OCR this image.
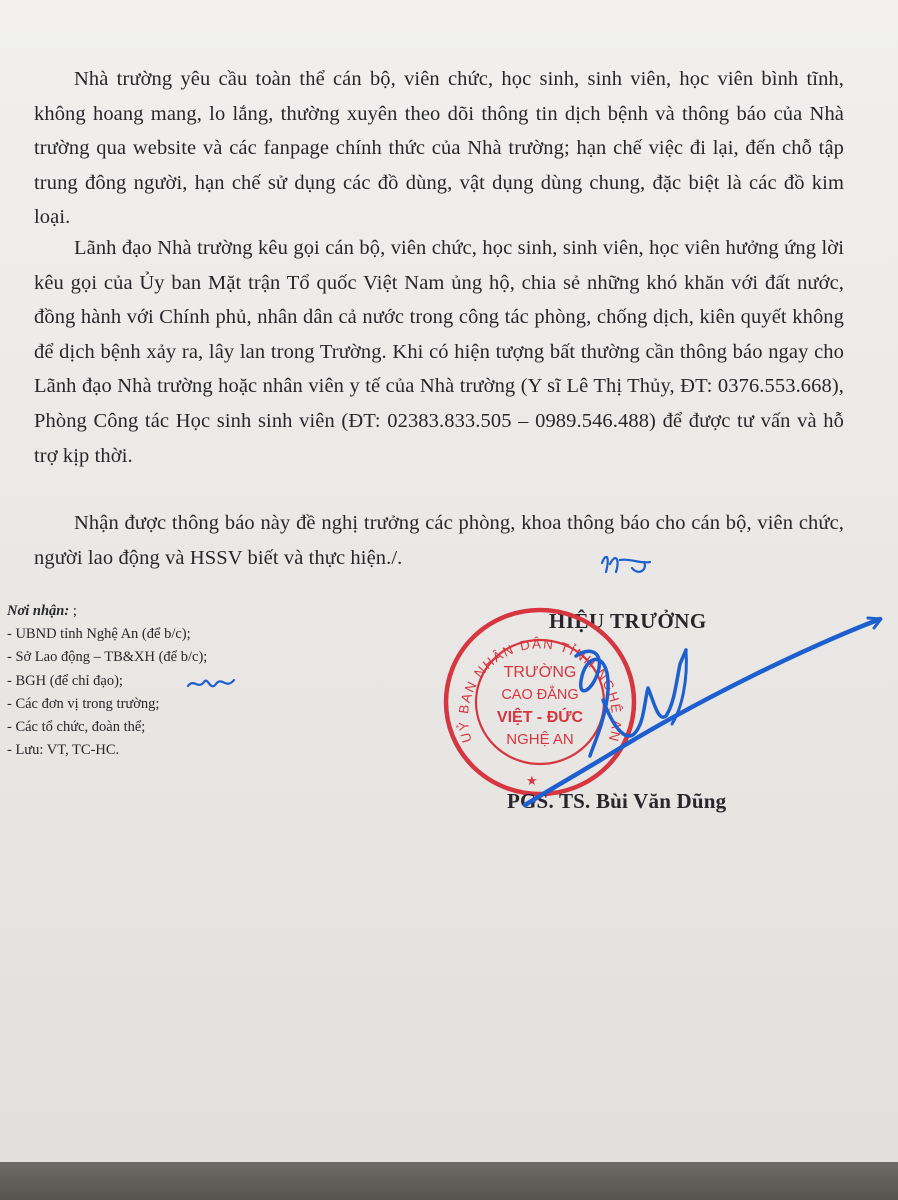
Nhà trường yêu cầu toàn thể cán bộ, viên chức, học sinh, sinh viên, học viên bình tĩnh, không hoang mang, lo lắng, thường xuyên theo dõi thông tin dịch bệnh và thông báo của Nhà trường qua website và các fanpage chính thức của Nhà trường; hạn chế việc đi lại, đến chỗ tập trung đông người, hạn chế sử dụng các đồ dùng, vật dụng dùng chung, đặc biệt là các đồ kim loại.

Lãnh đạo Nhà trường kêu gọi cán bộ, viên chức, học sinh, sinh viên, học viên hưởng ứng lời kêu gọi của Ủy ban Mặt trận Tổ quốc Việt Nam ủng hộ, chia sẻ những khó khăn với đất nước, đồng hành với Chính phủ, nhân dân cả nước trong công tác phòng, chống dịch, kiên quyết không để dịch bệnh xảy ra, lây lan trong Trường. Khi có hiện tượng bất thường cần thông báo ngay cho Lãnh đạo Nhà trường hoặc nhân viên y tế của Nhà trường (Y sĩ Lê Thị Thủy, ĐT: 0376.553.668), Phòng Công tác Học sinh sinh viên (ĐT: 02383.833.505 – 0989.546.488) để được tư vấn và hỗ trợ kịp thời.

Nhận được thông báo này đề nghị trưởng các phòng, khoa thông báo cho cán bộ, viên chức, người lao động và HSSV biết và thực hiện./.

Nơi nhận: ;
- UBND tỉnh Nghệ An (để b/c);
- Sở Lao động – TB&XH (để b/c);
- BGH (để chỉ đạo);
- Các đơn vị trong trường;
- Các tổ chức, đoàn thể;
- Lưu: VT, TC-HC.
HIỆU TRƯỞNG
UỶ BAN NHÂN DÂN TỈNH NGHỆ AN
TRƯỜNG
CAO ĐẲNG
VIỆT - ĐỨC
NGHỆ AN
★
PGS. TS. Bùi Văn Dũng
